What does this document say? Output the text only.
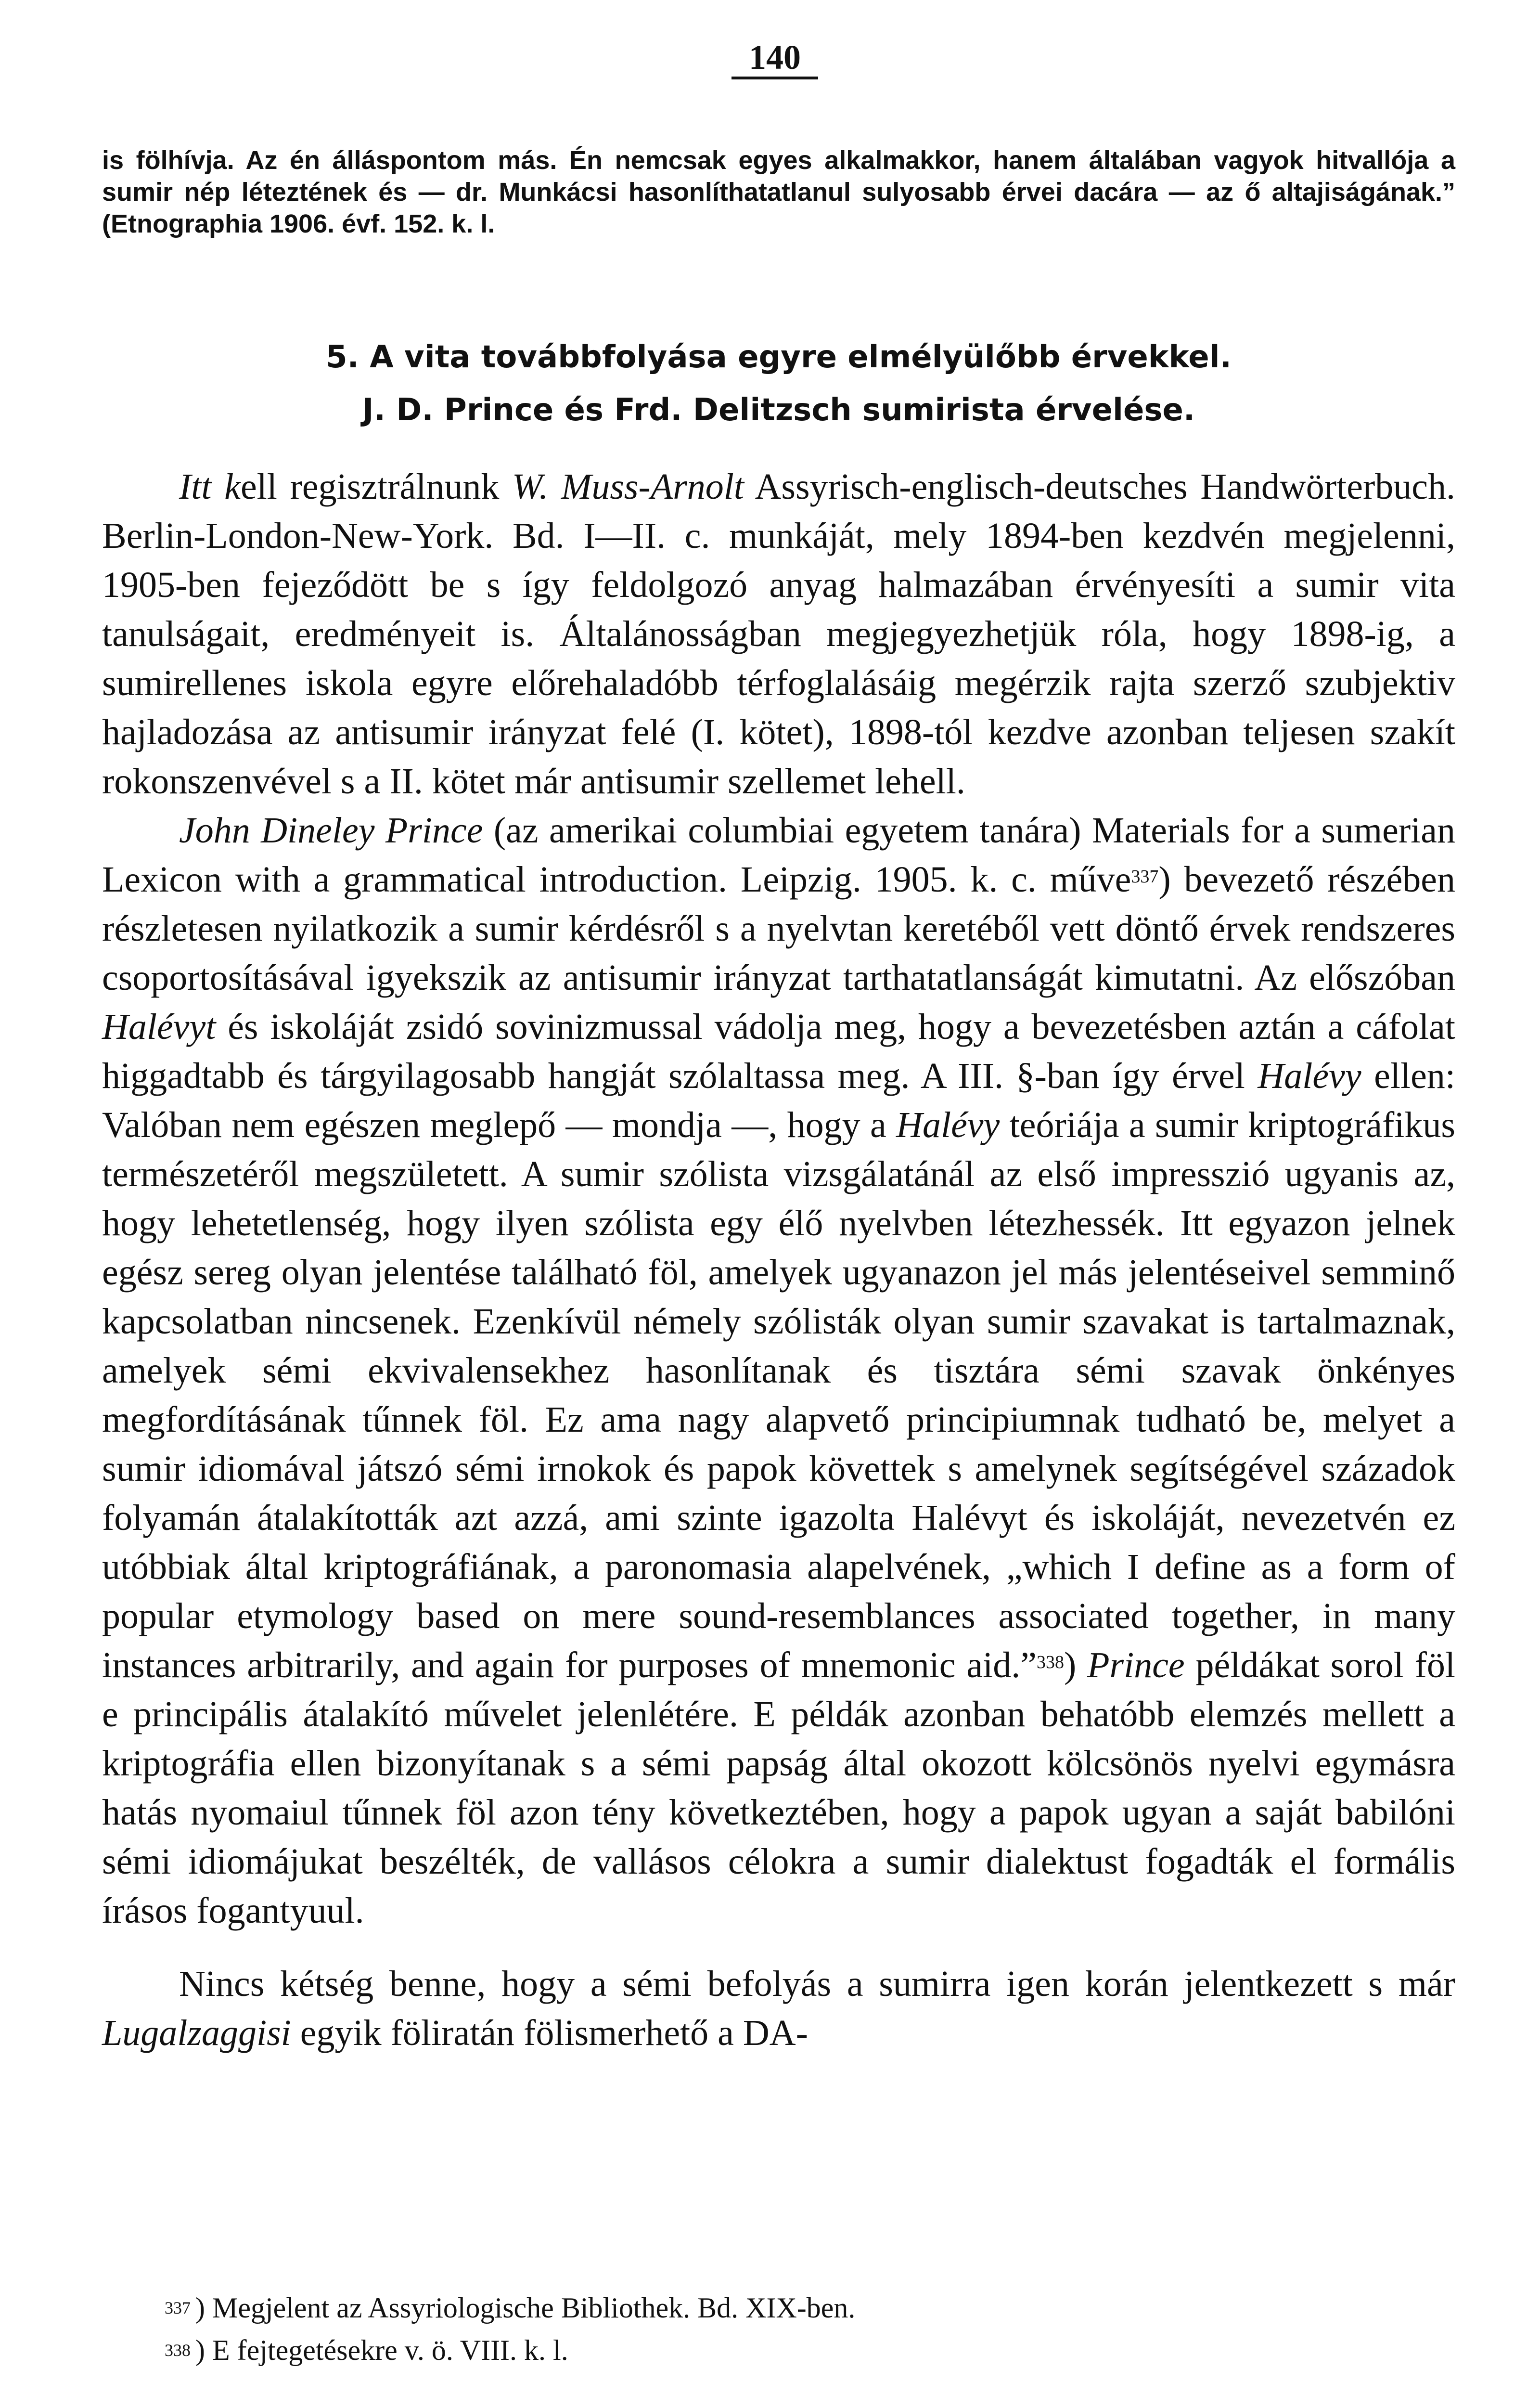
140
is fölhívja. Az én álláspontom más. Én nemcsak egyes alkalmakkor, hanem általában vagyok hitvallója a sumir nép léteztének és — dr. Munkácsi hasonlíthatatlanul sulyosabb érvei dacára — az ő altajiságának.” (Etnographia 1906. évf. 152. k. l.
5. A vita továbbfolyása egyre elmélyülőbb érvekkel.
J. D. Prince és Frd. Delitzsch sumirista érvelése.

Itt kell regisztrálnunk W. Muss-Arnolt Assyrisch-englisch-deutsches Handwörterbuch. Berlin-London-New-York. Bd. I—II. c. munkáját, mely 1894-ben kezdvén megjelenni, 1905-ben fejeződött be s így feldolgozó anyag halmazában érvényesíti a sumir vita tanulságait, eredményeit is. Általánosságban megjegyezhetjük róla, hogy 1898-ig, a sumirellenes iskola egyre előrehaladóbb térfoglalásáig megérzik rajta szerző szubjektiv hajladozása az antisumir irányzat felé (I. kötet), 1898-tól kezdve azonban teljesen szakít rokonszenvével s a II. kötet már antisumir szellemet lehell.

John Dineley Prince (az amerikai columbiai egyetem tanára) Materials for a sumerian Lexicon with a grammatical introduction. Leipzig. 1905. k. c. műve$^{337}$) bevezető részében részletesen nyilatkozik a sumir kérdésről s a nyelvtan keretéből vett döntő érvek rendszeres csoportosításával igyekszik az antisumir irányzat tarthatatlanságát kimutatni. Az előszóban Halévyt és iskoláját zsidó sovinizmussal vádolja meg, hogy a bevezetésben aztán a cáfolat higgadtabb és tárgyilagosabb hangját szólaltassa meg. A III. §-ban így érvel Halévy ellen: Valóban nem egészen meglepő — mondja —, hogy a Halévy teóriája a sumir kriptográfikus természetéről megszületett. A sumir szólista vizsgálatánál az első impresszió ugyanis az, hogy lehetetlenség, hogy ilyen szólista egy élő nyelvben létezhessék. Itt egyazon jelnek egész sereg olyan jelentése található föl, amelyek ugyanazon jel más jelentéseivel semminő kapcsolatban nincsenek. Ezenkívül némely szólisták olyan sumir szavakat is tartalmaznak, amelyek sémi ekvivalensekhez hasonlítanak és tisztára sémi szavak önkényes megfordításának tűnnek föl. Ez ama nagy alapvető principiumnak tudható be, melyet a sumir idiomával játszó sémi irnokok és papok követtek s amelynek segítségével századok folyamán átalakították azt azzá, ami szinte igazolta Halévyt és iskoláját, nevezetvén ez utóbbiak által kriptográfiának, a paronomasia alapelvének, „which I define as a form of popular etymology based on mere sound-resemblances associated together, in many instances arbitrarily, and again for purposes of mnemonic aid.”$^{338}$) Prince példákat sorol föl e principális átalakító művelet jelenlétére. E példák azonban behatóbb elemzés mellett a kriptográfia ellen bizonyítanak s a sémi papság által okozott kölcsönös nyelvi egymásra hatás nyomaiul tűnnek föl azon tény következtében, hogy a papok ugyan a saját babilóni sémi idiomájukat beszélték, de vallásos célokra a sumir dialektust fogadták el formális írásos fogantyuul.

Nincs kétség benne, hogy a sémi befolyás a sumirra igen korán jelentkezett s már Lugalzaggisi egyik föliratán fölismerhető a DA-

$^{337}$ ) Megjelent az Assyriologische Bibliothek. Bd. XIX-ben.

$^{338}$ ) E fejtegetésekre v. ö. VIII. k. l.
